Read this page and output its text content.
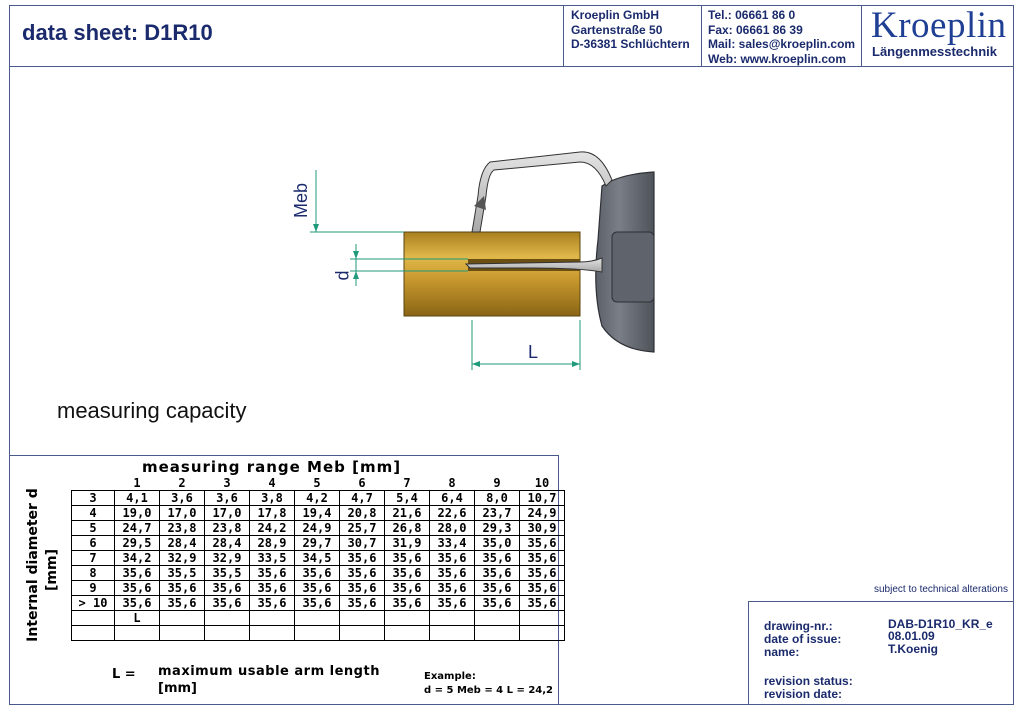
data sheet: D1R10
Kroeplin GmbH
Gartenstraße 50
D-36381 Schlüchtern
Tel.: 06661 86 0
Fax: 06661 86 39
Mail: sales@kroeplin.com
Web: www.kroeplin.com
Kroeplin
Längenmesstechnik
Meb
d
L
measuring capacity
measuring range Meb [mm]
Internal diameter d [mm]
	1	2	3	4	5	6	7	8	9	10
3	4,1	3,6	3,6	3,8	4,2	4,7	5,4	6,4	8,0	10,7
4	19,0	17,0	17,0	17,8	19,4	20,8	21,6	22,6	23,7	24,9
5	24,7	23,8	23,8	24,2	24,9	25,7	26,8	28,0	29,3	30,9
6	29,5	28,4	28,4	28,9	29,7	30,7	31,9	33,4	35,0	35,6
7	34,2	32,9	32,9	33,5	34,5	35,6	35,6	35,6	35,6	35,6
8	35,6	35,5	35,5	35,6	35,6	35,6	35,6	35,6	35,6	35,6
9	35,6	35,6	35,6	35,6	35,6	35,6	35,6	35,6	35,6	35,6
> 10	35,6	35,6	35,6	35,6	35,6	35,6	35,6	35,6	35,6	35,6
	L									

L = maximum usable arm length
[mm]
Example:
d = 5 Meb = 4 L = 24,2
subject to technical alterations
drawing-nr.:	DAB-D1R10_KR_e
date of issue:	08.01.09
name:	T.Koenig
revision status:
revision date:
